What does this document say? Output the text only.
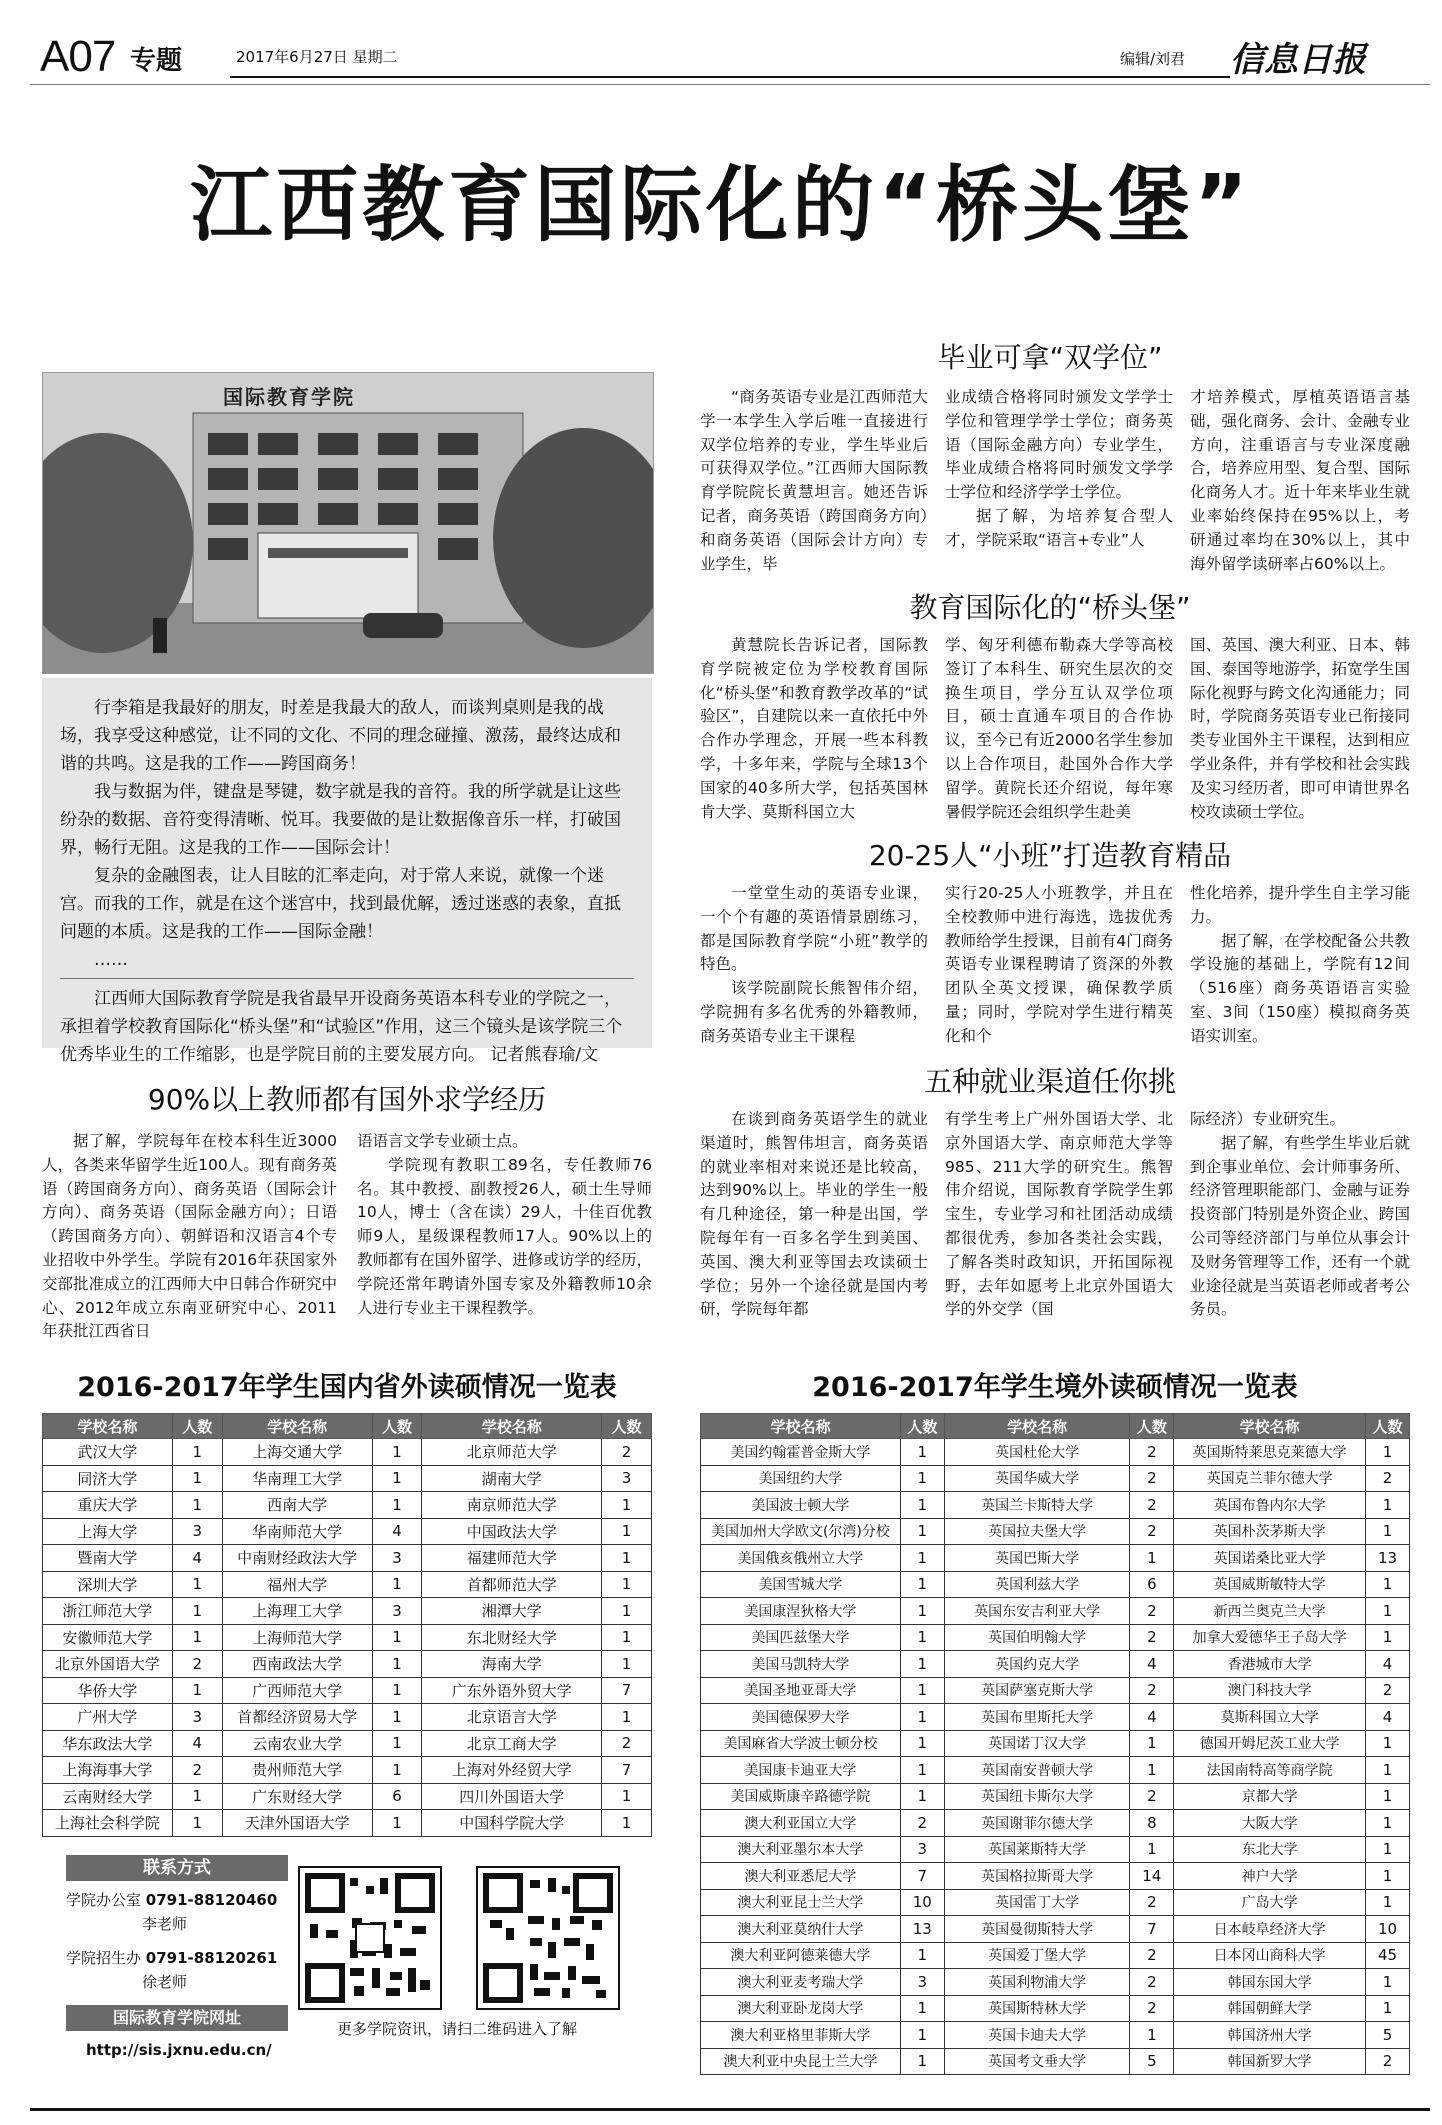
A07 专题	2017年6月27日 星期二	编辑/刘君 信息日报
江西教育国际化的“桥头堡”
国际教育学院

行李箱是我最好的朋友，时差是我最大的敌人，而谈判桌则是我的战场，我享受这种感觉，让不同的文化、不同的理念碰撞、激荡，最终达成和谐的共鸣。这是我的工作——跨国商务！

我与数据为伴，键盘是琴键，数字就是我的音符。我的所学就是让这些纷杂的数据、音符变得清晰、悦耳。我要做的是让数据像音乐一样，打破国界，畅行无阻。这是我的工作——国际会计！

复杂的金融图表，让人目眩的汇率走向，对于常人来说，就像一个迷宫。而我的工作，就是在这个迷宫中，找到最优解，透过迷惑的表象，直抵问题的本质。这是我的工作——国际金融！

……

江西师大国际教育学院是我省最早开设商务英语本科专业的学院之一，承担着学校教育国际化“桥头堡”和“试验区”作用，这三个镜头是该学院三个优秀毕业生的工作缩影，也是学院目前的主要发展方向。 记者熊春瑜/文

毕业可拿“双学位”

“商务英语专业是江西师范大学一本学生入学后唯一直接进行双学位培养的专业，学生毕业后可获得双学位。”江西师大国际教育学院院长黄慧坦言。她还告诉记者，商务英语（跨国商务方向）和商务英语（国际会计方向）专业学生，毕

业成绩合格将同时颁发文学学士学位和管理学学士学位；商务英语（国际金融方向）专业学生，毕业成绩合格将同时颁发文学学士学位和经济学学士学位。

据了解，为培养复合型人才，学院采取“语言+专业”人

才培养模式，厚植英语语言基础，强化商务、会计、金融专业方向，注重语言与专业深度融合，培养应用型、复合型、国际化商务人才。近十年来毕业生就业率始终保持在95%以上，考研通过率均在30%以上，其中海外留学读研率占60%以上。

教育国际化的“桥头堡”

黄慧院长告诉记者，国际教育学院被定位为学校教育国际化“桥头堡”和教育教学改革的“试验区”，自建院以来一直依托中外合作办学理念，开展一些本科教学，十多年来，学院与全球13个国家的40多所大学，包括英国林肯大学、莫斯科国立大

学、匈牙利德布勒森大学等高校签订了本科生、研究生层次的交换生项目，学分互认双学位项目，硕士直通车项目的合作协议，至今已有近2000名学生参加以上合作项目，赴国外合作大学留学。黄院长还介绍说，每年寒暑假学院还会组织学生赴美

国、英国、澳大利亚、日本、韩国、泰国等地游学，拓宽学生国际化视野与跨文化沟通能力；同时，学院商务英语专业已衔接同类专业国外主干课程，达到相应学业条件，并有学校和社会实践及实习经历者，即可申请世界名校攻读硕士学位。

20-25人“小班”打造教育精品

一堂堂生动的英语专业课，一个个有趣的英语情景剧练习，都是国际教育学院“小班”教学的特色。

该学院副院长熊智伟介绍，学院拥有多名优秀的外籍教师，商务英语专业主干课程

实行20-25人小班教学，并且在全校教师中进行海选，选拔优秀教师给学生授课，目前有4门商务英语专业课程聘请了资深的外教团队全英文授课，确保教学质量；同时，学院对学生进行精英化和个

性化培养，提升学生自主学习能力。

据了解，在学校配备公共教学设施的基础上，学院有12间（516座）商务英语语言实验室、3间（150座）模拟商务英语实训室。

五种就业渠道任你挑

在谈到商务英语学生的就业渠道时，熊智伟坦言，商务英语的就业率相对来说还是比较高，达到90%以上。毕业的学生一般有几种途径，第一种是出国，学院每年有一百多名学生到美国、英国、澳大利亚等国去攻读硕士学位；另外一个途径就是国内考研，学院每年都

有学生考上广州外国语大学、北京外国语大学、南京师范大学等985、211大学的研究生。熊智伟介绍说，国际教育学院学生郭宝生，专业学习和社团活动成绩都很优秀，参加各类社会实践，了解各类时政知识，开拓国际视野，去年如愿考上北京外国语大学的外交学（国

际经济）专业研究生。

据了解，有些学生毕业后就到企事业单位、会计师事务所、经济管理职能部门、金融与证券投资部门特别是外资企业、跨国公司等经济部门与单位从事会计及财务管理等工作，还有一个就业途径就是当英语老师或者考公务员。

90%以上教师都有国外求学经历

据了解，学院每年在校本科生近3000人，各类来华留学生近100人。现有商务英语（跨国商务方向）、商务英语（国际会计方向）、商务英语（国际金融方向）；日语（跨国商务方向）、朝鲜语和汉语言4个专业招收中外学生。学院有2016年获国家外交部批准成立的江西师大中日韩合作研究中心、2012年成立东南亚研究中心、2011年获批江西省日

语语言文学专业硕士点。

学院现有教职工89名，专任教师76名。其中教授、副教授26人，硕士生导师10人，博士（含在读）29人，十佳百优教师9人，星级课程教师17人。90%以上的教师都有在国外留学、进修或访学的经历，学院还常年聘请外国专家及外籍教师10余人进行专业主干课程教学。

2016-2017年学生国内省外读硕情况一览表
学校名称	人数	学校名称	人数	学校名称	人数
武汉大学	1	上海交通大学	1	北京师范大学	2
同济大学	1	华南理工大学	1	湖南大学	3
重庆大学	1	西南大学	1	南京师范大学	1
上海大学	3	华南师范大学	4	中国政法大学	1
暨南大学	4	中南财经政法大学	3	福建师范大学	1
深圳大学	1	福州大学	1	首都师范大学	1
浙江师范大学	1	上海理工大学	3	湘潭大学	1
安徽师范大学	1	上海师范大学	1	东北财经大学	1
北京外国语大学	2	西南政法大学	1	海南大学	1
华侨大学	1	广西师范大学	1	广东外语外贸大学	7
广州大学	3	首都经济贸易大学	1	北京语言大学	1
华东政法大学	4	云南农业大学	1	北京工商大学	2
上海海事大学	2	贵州师范大学	1	上海对外经贸大学	7
云南财经大学	1	广东财经大学	6	四川外国语大学	1
上海社会科学院	1	天津外国语大学	1	中国科学院大学	1
2016-2017年学生境外读硕情况一览表
学校名称	人数	学校名称	人数	学校名称	人数
美国约翰霍普金斯大学	1	英国杜伦大学	2	英国斯特莱思克莱德大学	1
美国纽约大学	1	英国华威大学	2	英国克兰菲尔德大学	2
美国波士顿大学	1	英国兰卡斯特大学	2	英国布鲁内尔大学	1
美国加州大学欧文(尔湾)分校	1	英国拉夫堡大学	2	英国朴茨茅斯大学	1
美国俄亥俄州立大学	1	英国巴斯大学	1	英国诺桑比亚大学	13
美国雪城大学	1	英国利兹大学	6	英国威斯敏特大学	1
美国康涅狄格大学	1	英国东安吉利亚大学	2	新西兰奥克兰大学	1
美国匹兹堡大学	1	英国伯明翰大学	2	加拿大爱德华王子岛大学	1
美国马凯特大学	1	英国约克大学	4	香港城市大学	4
美国圣地亚哥大学	1	英国萨塞克斯大学	2	澳门科技大学	2
美国德保罗大学	1	英国布里斯托大学	4	莫斯科国立大学	4
美国麻省大学波士顿分校	1	英国诺丁汉大学	1	德国开姆尼茨工业大学	1
美国康卡迪亚大学	1	英国南安普顿大学	1	法国南特高等商学院	1
美国威斯康辛路德学院	1	英国纽卡斯尔大学	2	京都大学	1
澳大利亚国立大学	2	英国谢菲尔德大学	8	大阪大学	1
澳大利亚墨尔本大学	3	英国莱斯特大学	1	东北大学	1
澳大利亚悉尼大学	7	英国格拉斯哥大学	14	神户大学	1
澳大利亚昆士兰大学	10	英国雷丁大学	2	广岛大学	1
澳大利亚莫纳什大学	13	英国曼彻斯特大学	7	日本岐阜经济大学	10
澳大利亚阿德莱德大学	1	英国爱丁堡大学	2	日本冈山商科大学	45
澳大利亚麦考瑞大学	3	英国利物浦大学	2	韩国东国大学	1
澳大利亚卧龙岗大学	1	英国斯特林大学	2	韩国朝鲜大学	1
澳大利亚格里菲斯大学	1	英国卡迪夫大学	1	韩国济州大学	5
澳大利亚中央昆士兰大学	1	英国考文垂大学	5	韩国新罗大学	2
联系方式
学院办公室 0791-88120460
李老师
学院招生办 0791-88120261
徐老师
国际教育学院网址
http://sis.jxnu.edu.cn/
更多学院资讯，请扫二维码进入了解
